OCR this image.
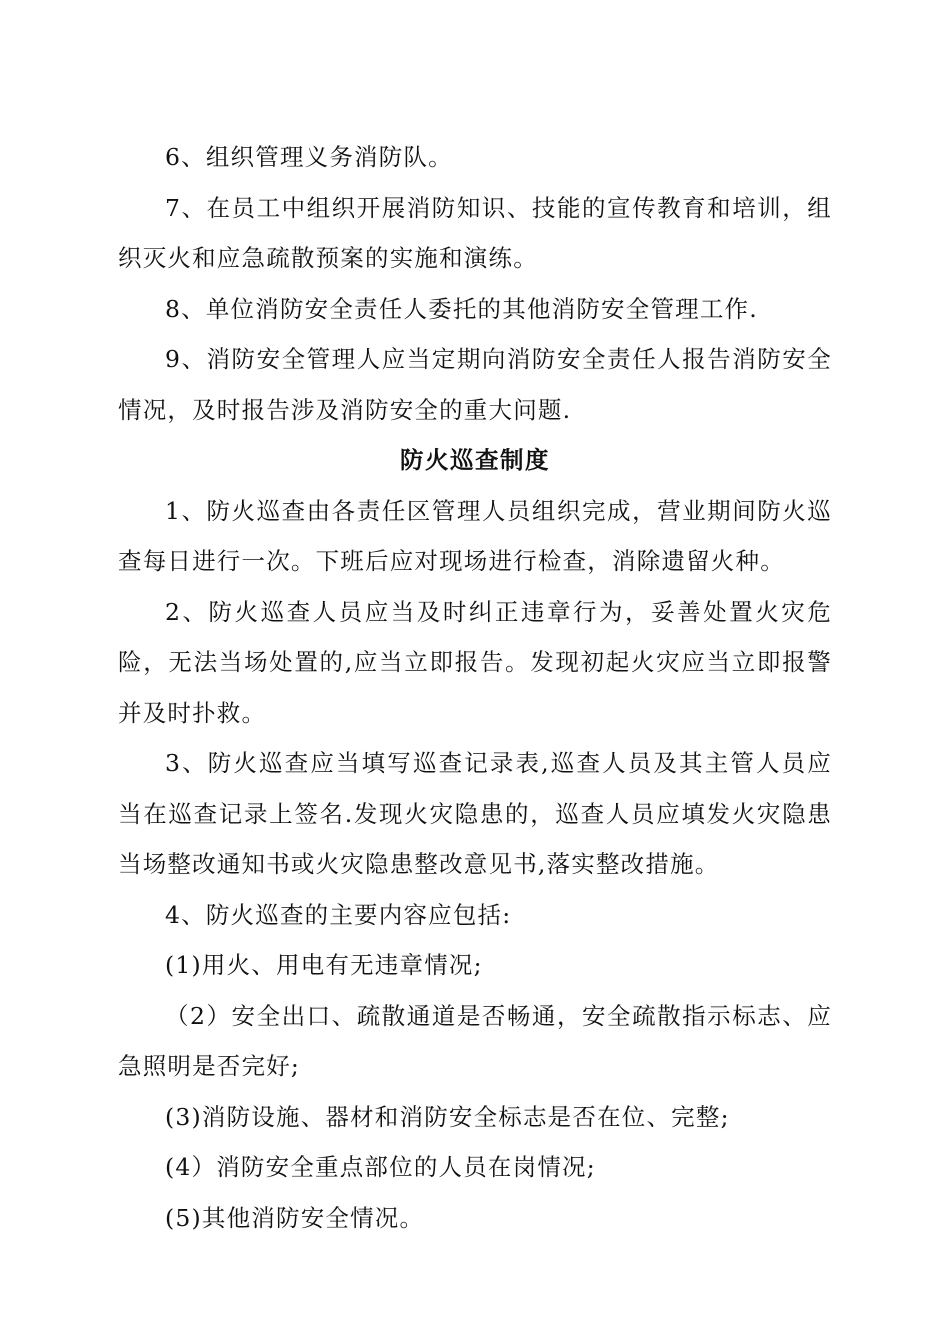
6、组织管理义务消防队。

7、在员工中组织开展消防知识、技能的宣传教育和培训，组织灭火和应急疏散预案的实施和演练。

8、单位消防安全责任人委托的其他消防安全管理工作.

9、消防安全管理人应当定期向消防安全责任人报告消防安全情况，及时报告涉及消防安全的重大问题.

防火巡查制度

1、防火巡查由各责任区管理人员组织完成，营业期间防火巡查每日进行一次。下班后应对现场进行检查，消除遗留火种。

2、防火巡查人员应当及时纠正违章行为，妥善处置火灾危险，无法当场处置的,应当立即报告。发现初起火灾应当立即报警并及时扑救。

3、防火巡查应当填写巡查记录表,巡查人员及其主管人员应当在巡查记录上签名.发现火灾隐患的，巡查人员应填发火灾隐患当场整改通知书或火灾隐患整改意见书,落实整改措施。

4、防火巡查的主要内容应包括:

(1)用火、用电有无违章情况;

（2）安全出口、疏散通道是否畅通，安全疏散指示标志、应急照明是否完好;

(3)消防设施、器材和消防安全标志是否在位、完整;

(4）消防安全重点部位的人员在岗情况;

(5)其他消防安全情况。
